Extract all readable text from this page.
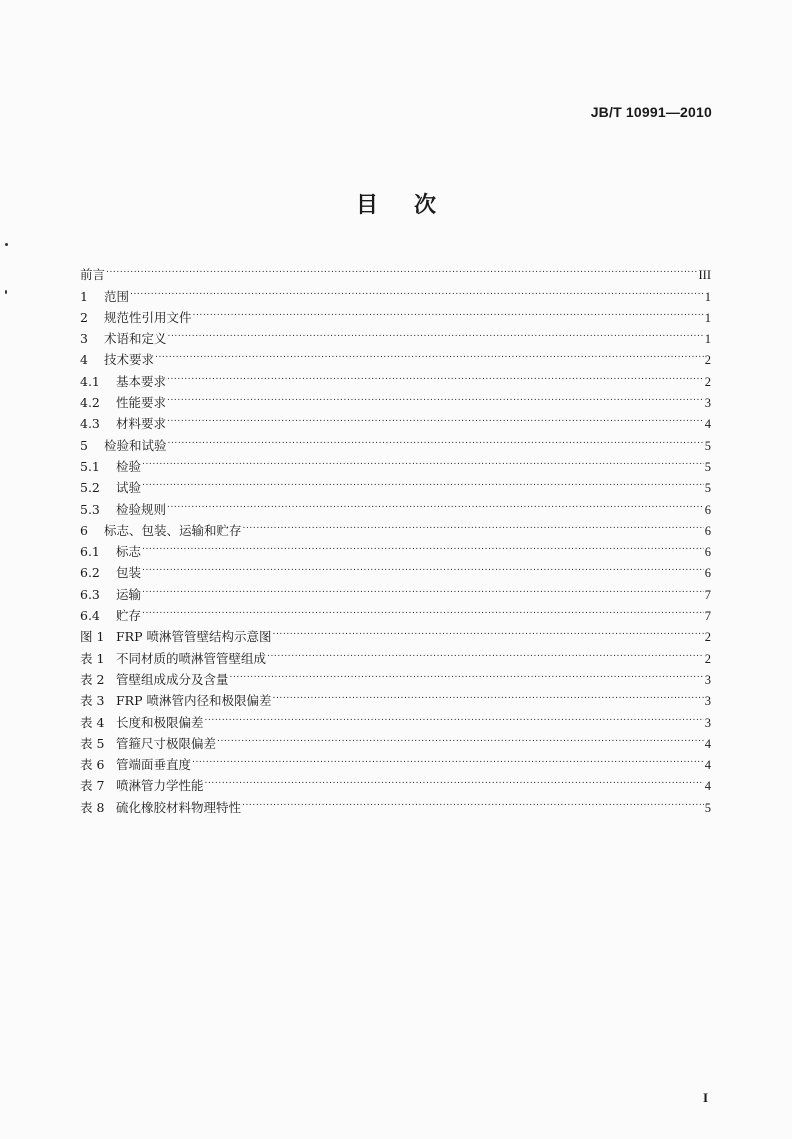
JB/T 10991—2010
目 次
前言 .....	III
1	范围 .....	1
2	规范性引用文件 .....	1
3	术语和定义 .....	1
4	技术要求 .....	2
4.1	基本要求 .....	2
4.2	性能要求 .....	3
4.3	材料要求 .....	4
5	检验和试验 .....	5
5.1	检验 .....	5
5.2	试验 .....	5
5.3	检验规则 .....	6
6	标志、包装、运输和贮存 .....	6
6.1	标志 .....	6
6.2	包装 .....	6
6.3	运输 .....	7
6.4	贮存 .....	7
图 1 FRP 喷淋管管壁结构示意图 .....	2
表 1 不同材质的喷淋管管壁组成 .....	2
表 2 管壁组成成分及含量 .....	3
表 3 FRP 喷淋管内径和极限偏差 .....	3
表 4 长度和极限偏差 .....	3
表 5 管箍尺寸极限偏差 .....	4
表 6 管端面垂直度 .....	4
表 7 喷淋管力学性能 .....	4
表 8 硫化橡胶材料物理特性 .....	5
I
